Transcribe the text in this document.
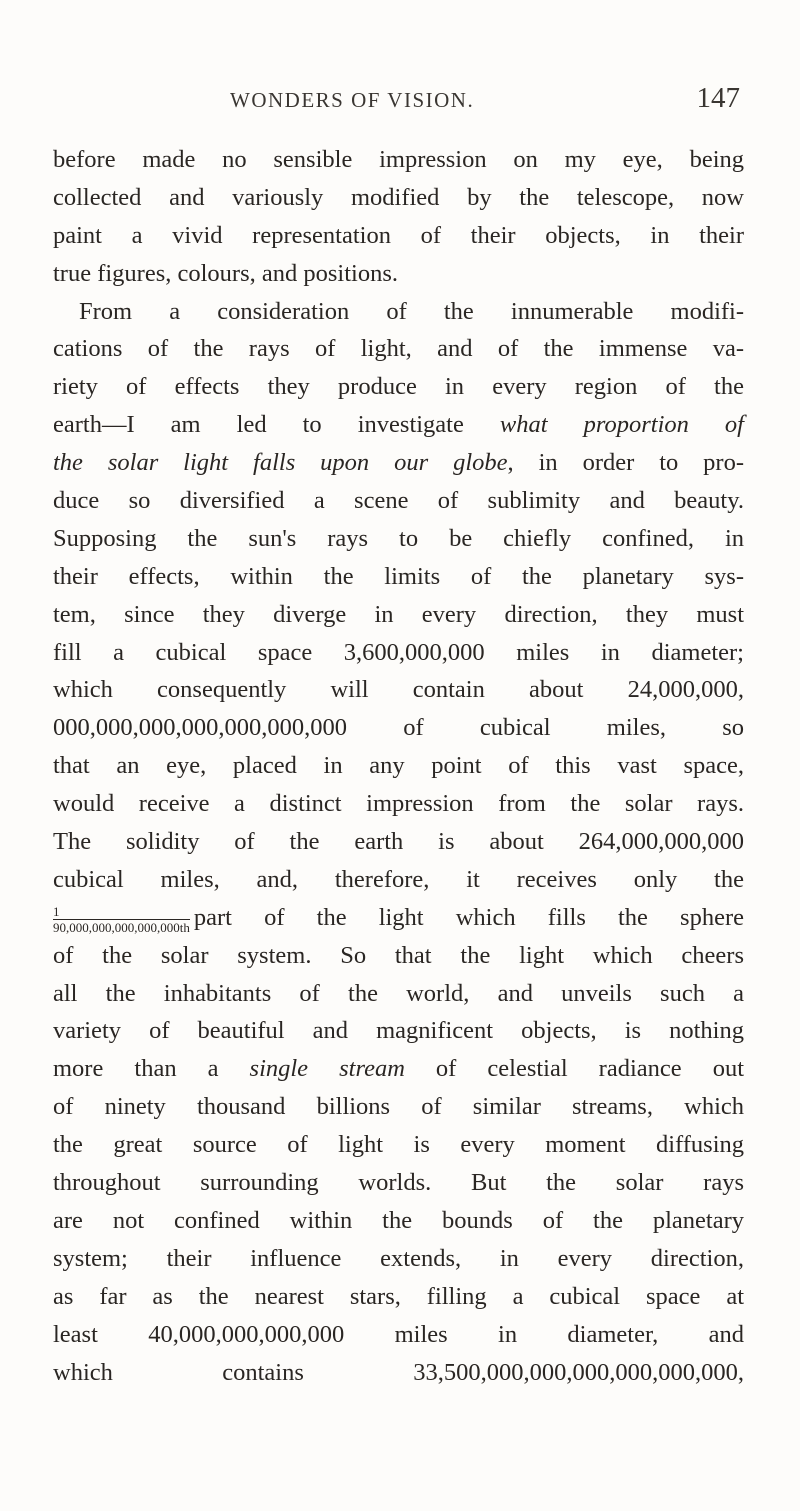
WONDERS OF VISION.	147
before made no sensible impression on my eye, being
collected and variously modified by the telescope, now
paint a vivid representation of their objects, in their
true figures, colours, and positions.
From a consideration of the innumerable modifi-
cations of the rays of light, and of the immense va-
riety of effects they produce in every region of the
earth—I am led to investigate what proportion of
the solar light falls upon our globe, in order to pro-
duce so diversified a scene of sublimity and beauty.
Supposing the sun's rays to be chiefly confined, in
their effects, within the limits of the planetary sys-
tem, since they diverge in every direction, they must
fill a cubical space 3,600,000,000 miles in diameter;
which consequently will contain about 24,000,000,
000,000,000,000,000,000,000 of cubical miles, so
that an eye, placed in any point of this vast space,
would receive a distinct impression from the solar rays.
The solidity of the earth is about 264,000,000,000
cubical miles, and, therefore, it receives only the
$\frac{1}{90,000,000,000,000,000th}$ part of the light which fills the sphere
of the solar system. So that the light which cheers
all the inhabitants of the world, and unveils such a
variety of beautiful and magnificent objects, is nothing
more than a single stream of celestial radiance out
of ninety thousand billions of similar streams, which
the great source of light is every moment diffusing
throughout surrounding worlds. But the solar rays
are not confined within the bounds of the planetary
system; their influence extends, in every direction,
as far as the nearest stars, filling a cubical space at
least 40,000,000,000,000 miles in diameter, and
which contains 33,500,000,000,000,000,000,000,
